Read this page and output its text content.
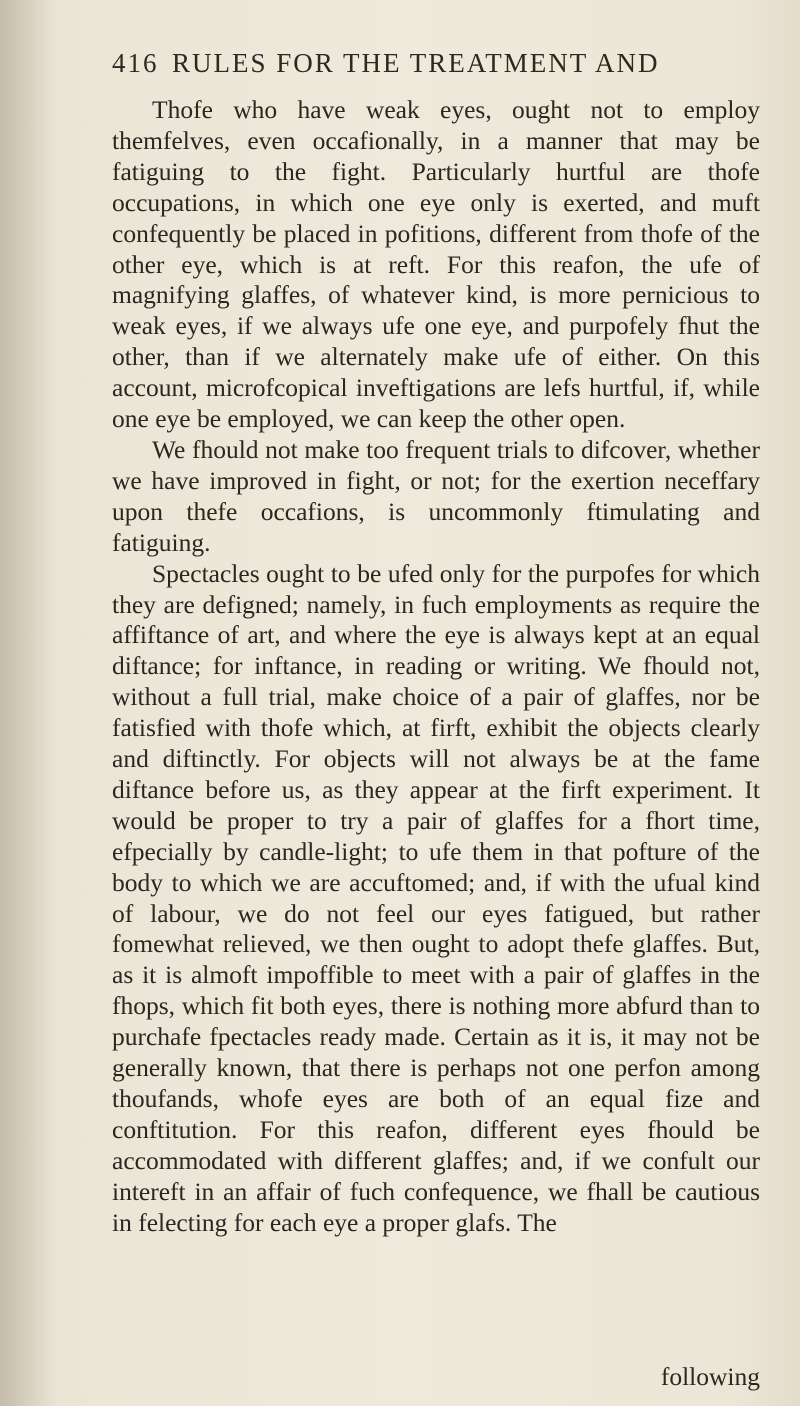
416 RULES FOR THE TREATMENT AND

Thofe who have weak eyes, ought not to employ themfelves, even occafionally, in a manner that may be fatiguing to the fight. Particularly hurtful are thofe occupations, in which one eye only is exerted, and muft confequently be placed in pofitions, different from thofe of the other eye, which is at reft. For this reafon, the ufe of magnifying glaffes, of whatever kind, is more pernicious to weak eyes, if we always ufe one eye, and purpofely fhut the other, than if we alternately make ufe of either. On this account, microfcopical inveftigations are lefs hurtful, if, while one eye be employed, we can keep the other open.

We fhould not make too frequent trials to difcover, whether we have improved in fight, or not; for the exertion neceffary upon thefe occafions, is uncommonly ftimulating and fatiguing.

Spectacles ought to be ufed only for the purpofes for which they are defigned; namely, in fuch employments as require the affiftance of art, and where the eye is always kept at an equal diftance; for inftance, in reading or writing. We fhould not, without a full trial, make choice of a pair of glaffes, nor be fatisfied with thofe which, at firft, exhibit the objects clearly and diftinctly. For objects will not always be at the fame diftance before us, as they appear at the firft experiment. It would be proper to try a pair of glaffes for a fhort time, efpecially by candle-light; to ufe them in that pofture of the body to which we are accuftomed; and, if with the ufual kind of labour, we do not feel our eyes fatigued, but rather fomewhat relieved, we then ought to adopt thefe glaffes. But, as it is almoft impoffible to meet with a pair of glaffes in the fhops, which fit both eyes, there is nothing more abfurd than to purchafe fpectacles ready made. Certain as it is, it may not be generally known, that there is perhaps not one perfon among thoufands, whofe eyes are both of an equal fize and conftitution. For this reafon, different eyes fhould be accommodated with different glaffes; and, if we confult our intereft in an affair of fuch confequence, we fhall be cautious in felecting for each eye a proper glafs. The

following
